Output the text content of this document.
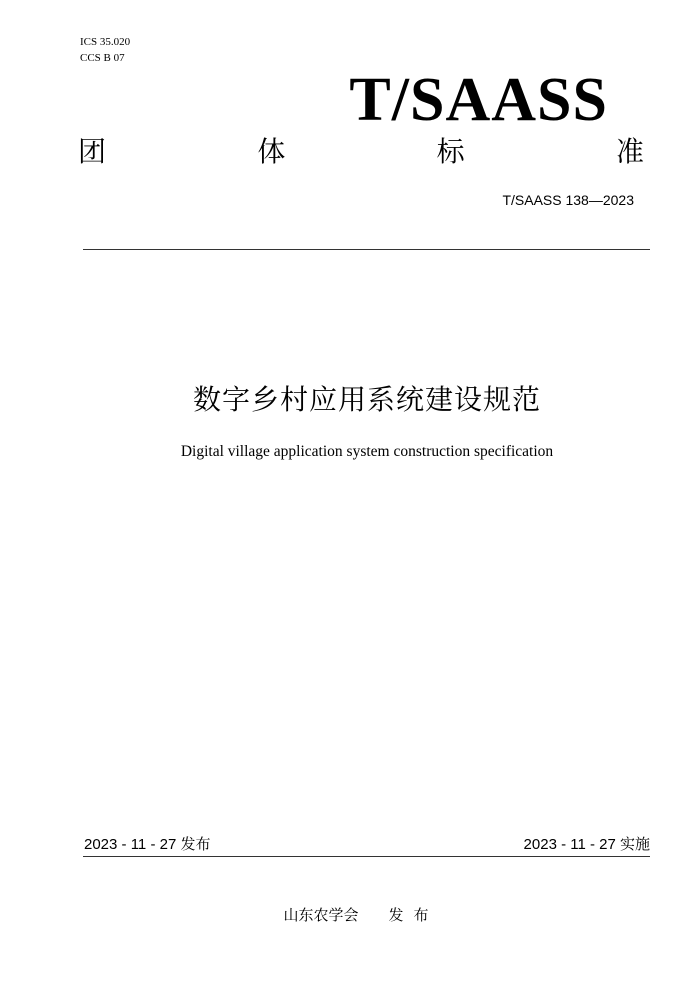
ICS 35.020
CCS B 07
T/SAASS
团	体	标	准
T/SAASS 138—2023
数字乡村应用系统建设规范
Digital village application system construction specification
2023 - 11 - 27 发布	2023 - 11 - 27 实施
山东农学会 发布
